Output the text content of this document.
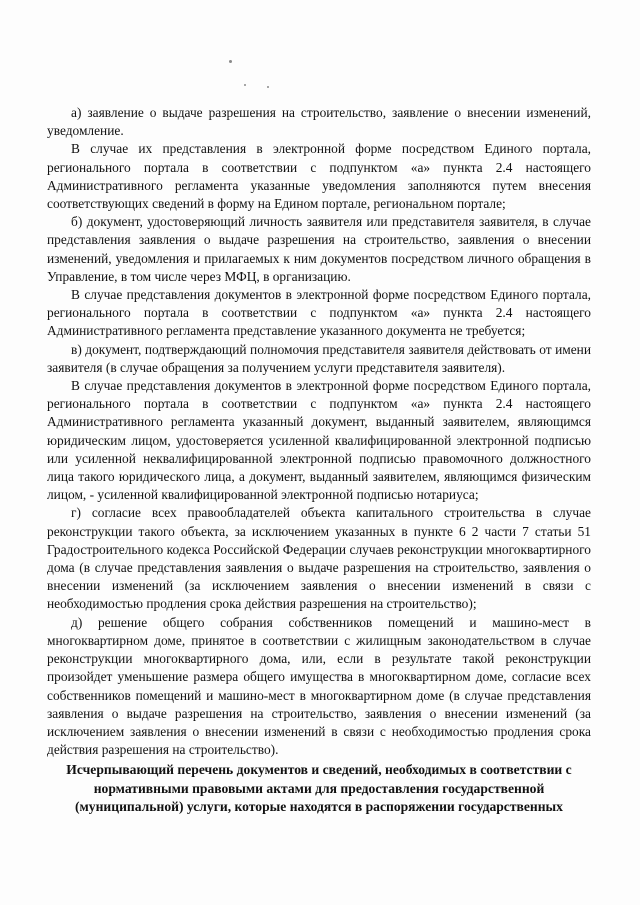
а) заявление о выдаче разрешения на строительство, заявление о внесении изменений, уведомление.

В случае их представления в электронной форме посредством Единого портала, регионального портала в соответствии с подпунктом «а» пункта 2.4 настоящего Административного регламента указанные уведомления заполняются путем внесения соответствующих сведений в форму на Едином портале, региональном портале;

б) документ, удостоверяющий личность заявителя или представителя заявителя, в случае представления заявления о выдаче разрешения на строительство, заявления о внесении изменений, уведомления и прилагаемых к ним документов посредством личного обращения в Управление, в том числе через МФЦ, в организацию.

В случае представления документов в электронной форме посредством Единого портала, регионального портала в соответствии с подпунктом «а» пункта 2.4 настоящего Административного регламента представление указанного документа не требуется;

в) документ, подтверждающий полномочия представителя заявителя действовать от имени заявителя (в случае обращения за получением услуги представителя заявителя).

В случае представления документов в электронной форме посредством Единого портала, регионального портала в соответствии с подпунктом «а» пункта 2.4 настоящего Административного регламента указанный документ, выданный заявителем, являющимся юридическим лицом, удостоверяется усиленной квалифицированной электронной подписью или усиленной неквалифицированной электронной подписью правомочного должностного лица такого юридического лица, а документ, выданный заявителем, являющимся физическим лицом, - усиленной квалифицированной электронной подписью нотариуса;

г) согласие всех правообладателей объекта капитального строительства в случае реконструкции такого объекта, за исключением указанных в пункте 6 2 части 7 статьи 51 Градостроительного кодекса Российской Федерации случаев реконструкции многоквартирного дома (в случае представления заявления о выдаче разрешения на строительство, заявления о внесении изменений (за исключением заявления о внесении изменений в связи с необходимостью продления срока действия разрешения на строительство);

д) решение общего собрания собственников помещений и машино-мест в многоквартирном доме, принятое в соответствии с жилищным законодательством в случае реконструкции многоквартирного дома, или, если в результате такой реконструкции произойдет уменьшение размера общего имущества в многоквартирном доме, согласие всех собственников помещений и машино-мест в многоквартирном доме (в случае представления заявления о выдаче разрешения на строительство, заявления о внесении изменений (за исключением заявления о внесении изменений в связи с необходимостью продления срока действия разрешения на строительство).

Исчерпывающий перечень документов и сведений, необходимых в соответствии с нормативными правовыми актами для предоставления государственной (муниципальной) услуги, которые находятся в распоряжении государственных
